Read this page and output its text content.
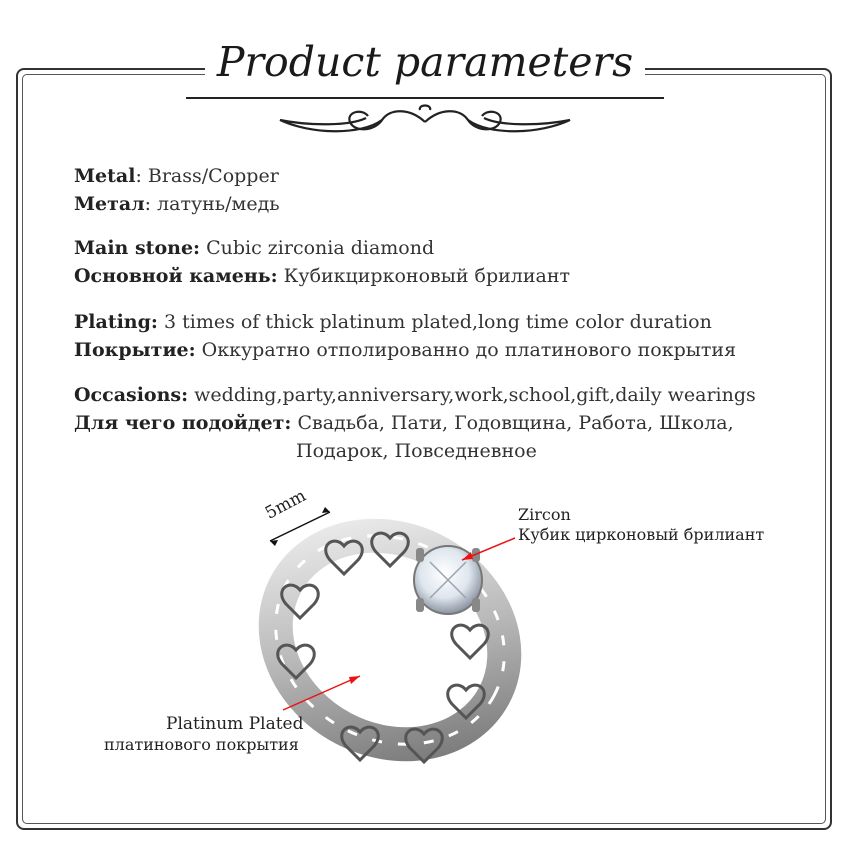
Product parameters
Metal: Brass/Copper
Метал: латунь/медь
Main stone: Cubic zirconia diamond
Основной камень: Кубикцирконовый брилиант
Plating: 3 times of thick platinum plated,long time color duration
Покрытие: Оккуратно отполированно до платинового покрытия
Occasions: wedding,party,anniversary,work,school,gift,daily wearings
Для чего подойдет: Свадьба, Пати, Годовщина, Работа, Школа,
Подарок, Повседневное
5mm	Zircon
Кубик цирконовый брилиант
Platinum Plated
платинового покрытия
